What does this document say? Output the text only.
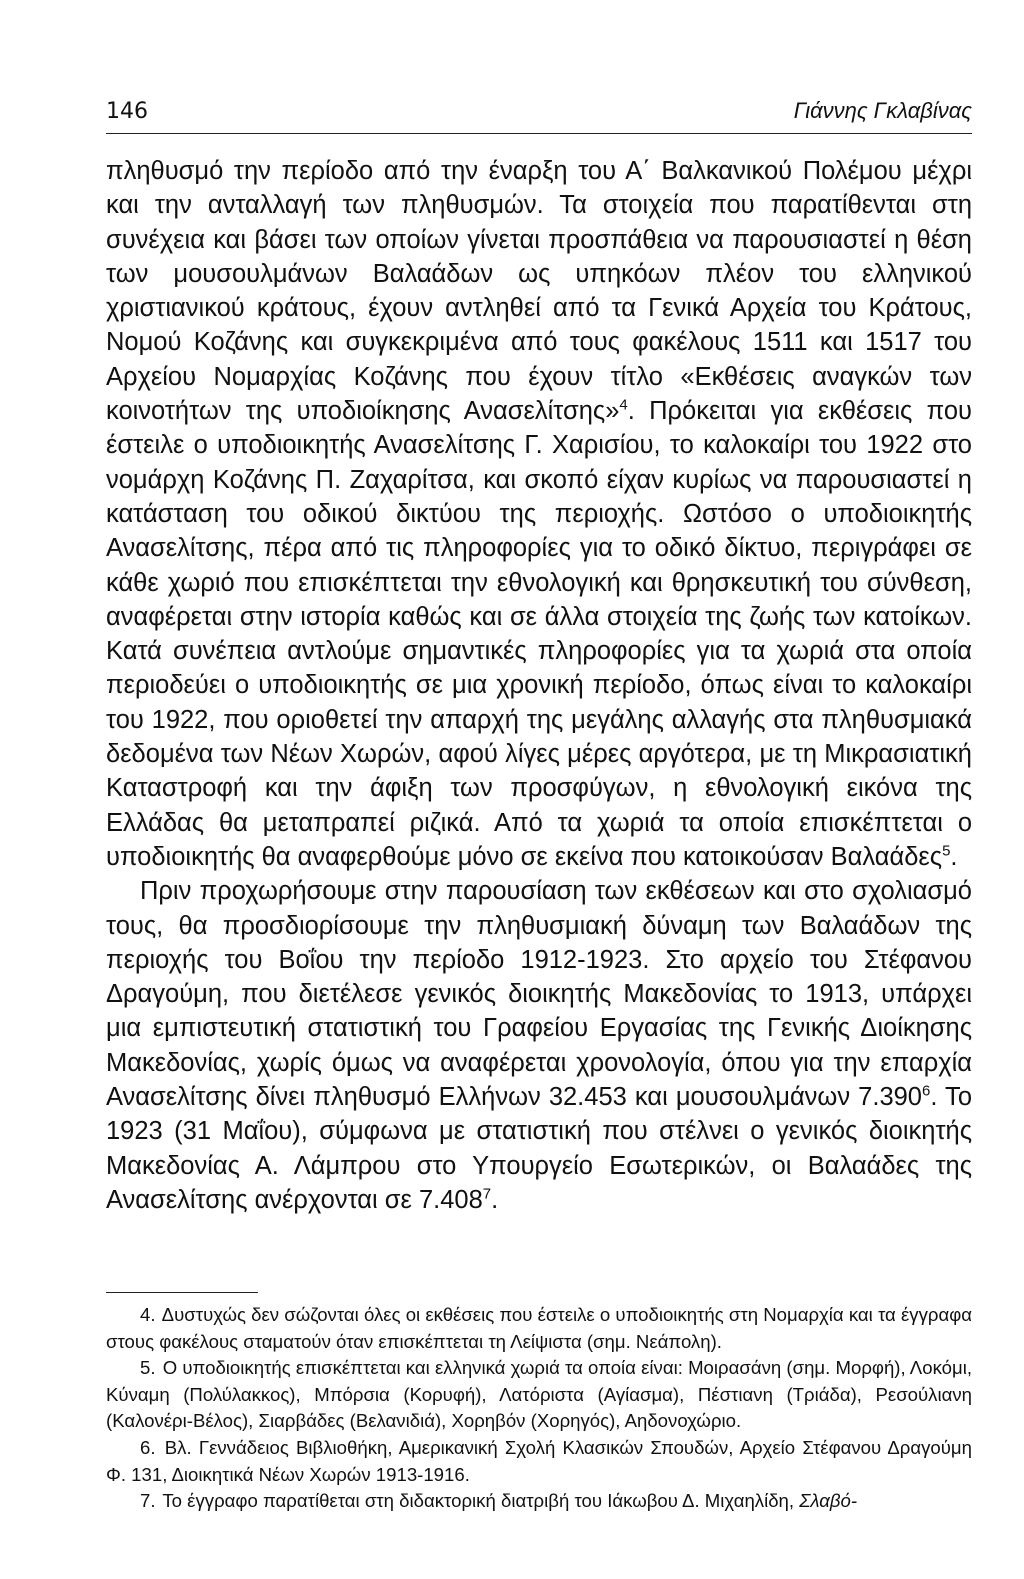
146	Γιάννης Γκλαβίνας

πληθυσμό την περίοδο από την έναρξη του Α΄ Βαλκανικού Πολέμου μέχρι και την ανταλλαγή των πληθυσμών. Τα στοιχεία που παρατίθενται στη συνέχεια και βάσει των οποίων γίνεται προσπάθεια να παρουσιαστεί η θέση των μουσουλμάνων Βαλαάδων ως υπηκόων πλέον του ελληνικού χριστιανικού κράτους, έχουν αντληθεί από τα Γενικά Αρχεία του Κράτους, Νομού Κοζάνης και συγκεκριμένα από τους φακέλους 1511 και 1517 του Αρχείου Νομαρχίας Κοζάνης που έχουν τίτλο «Εκθέσεις αναγκών των κοινοτήτων της υποδιοίκησης Ανασελίτσης»$^4$. Πρόκειται για εκθέσεις που έστειλε ο υποδιοικητής Ανασελίτσης Γ. Χαρισίου, το καλοκαίρι του 1922 στο νομάρχη Κοζάνης Π. Ζαχαρίτσα, και σκοπό είχαν κυρίως να παρουσιαστεί η κατάσταση του οδικού δικτύου της περιοχής. Ωστόσο ο υποδιοικητής Ανασελίτσης, πέρα από τις πληροφορίες για το οδικό δίκτυο, περιγράφει σε κάθε χωριό που επισκέπτεται την εθνολογική και θρησκευτική του σύνθεση, αναφέρεται στην ιστορία καθώς και σε άλλα στοιχεία της ζωής των κατοίκων. Κατά συνέπεια αντλούμε σημαντικές πληροφορίες για τα χωριά στα οποία περιοδεύει ο υποδιοικητής σε μια χρονική περίοδο, όπως είναι το καλοκαίρι του 1922, που οριοθετεί την απαρχή της μεγάλης αλλαγής στα πληθυσμιακά δεδομένα των Νέων Χωρών, αφού λίγες μέρες αργότερα, με τη Μικρασιατική Καταστροφή και την άφιξη των προσφύγων, η εθνολογική εικόνα της Ελλάδας θα μεταπραπεί ριζικά. Από τα χωριά τα οποία επισκέπτεται ο υποδιοικητής θα αναφερθούμε μόνο σε εκείνα που κατοικούσαν Βαλαάδες$^5$.

Πριν προχωρήσουμε στην παρουσίαση των εκθέσεων και στο σχολιασμό τους, θα προσδιορίσουμε την πληθυσμιακή δύναμη των Βαλαάδων της περιοχής του Βοΐου την περίοδο 1912-1923. Στο αρχείο του Στέφανου Δραγούμη, που διετέλεσε γενικός διοικητής Μακεδονίας το 1913, υπάρχει μια εμπιστευτική στατιστική του Γραφείου Εργασίας της Γενικής Διοίκησης Μακεδονίας, χωρίς όμως να αναφέρεται χρονολογία, όπου για την επαρχία Ανασελίτσης δίνει πληθυσμό Ελλήνων 32.453 και μουσουλμάνων 7.390$^6$. Το 1923 (31 Μαΐου), σύμφωνα με στατιστική που στέλνει ο γενικός διοικητής Μακεδονίας Α. Λάμπρου στο Υπουργείο Εσωτερικών, οι Βαλαάδες της Ανασελίτσης ανέρχονται σε 7.408$^7$.

4. Δυστυχώς δεν σώζονται όλες οι εκθέσεις που έστειλε ο υποδιοικητής στη Νομαρχία και τα έγγραφα στους φακέλους σταματούν όταν επισκέπτεται τη Λείψιστα (σημ. Νεάπολη).

5. Ο υποδιοικητής επισκέπτεται και ελληνικά χωριά τα οποία είναι: Μοιρασάνη (σημ. Μορφή), Λοκόμι, Κύναμη (Πολύλακκος), Μπόρσια (Κορυφή), Λατόριστα (Αγίασμα), Πέστιανη (Τριάδα), Ρεσούλιανη (Καλονέρι-Βέλος), Σιαρβάδες (Βελανιδιά), Χορηβόν (Χορηγός), Αηδονοχώριο.

6. Βλ. Γεννάδειος Βιβλιοθήκη, Αμερικανική Σχολή Κλασικών Σπουδών, Αρχείο Στέφανου Δραγούμη Φ. 131, Διοικητικά Νέων Χωρών 1913-1916.

7. Το έγγραφο παρατίθεται στη διδακτορική διατριβή του Ιάκωβου Δ. Μιχαηλίδη, Σλαβό-
